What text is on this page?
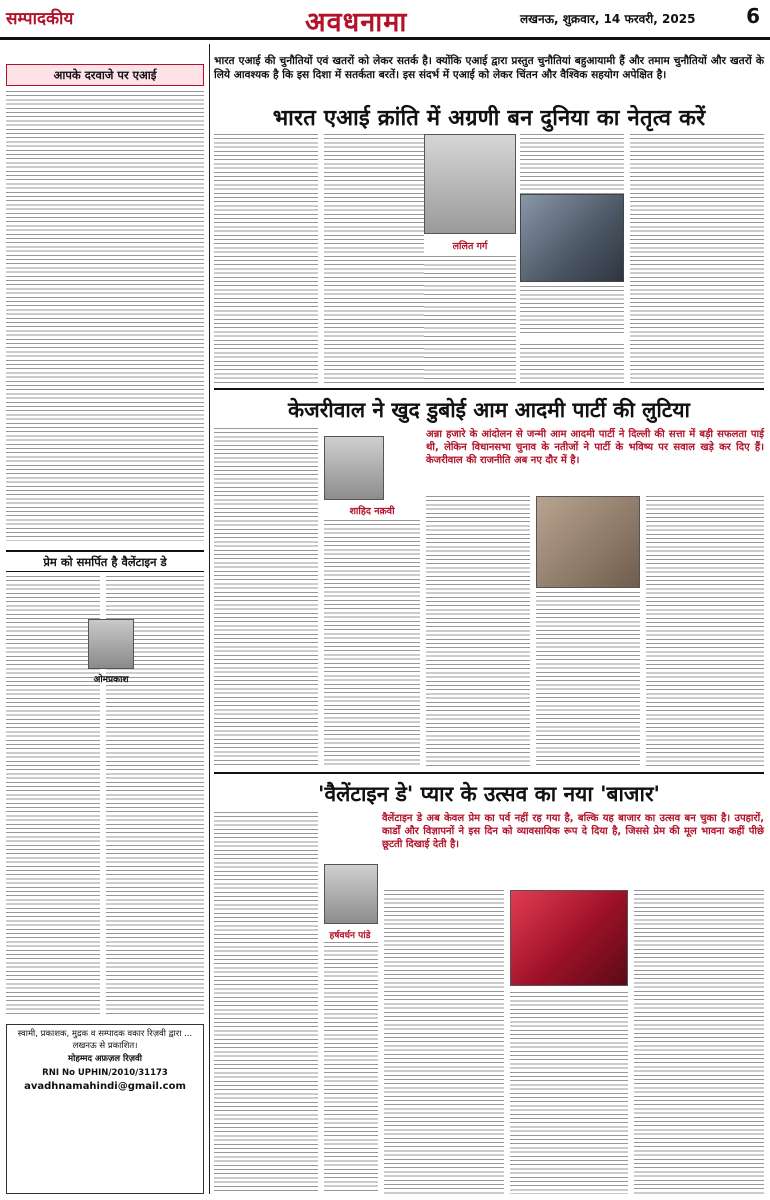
सम्पादकीय	अवधनामा	लखनऊ, शुक्रवार, 14 फरवरी, 2025	6
आपके दरवाजे पर एआई
प्रेम को समर्पित है वैलेंटाइन डे
ओमप्रकाश
स्वामी, प्रकाशक, मुद्रक व सम्पादक वकार रिज़वी द्वारा ... लखनऊ से प्रकाशित।
मोहम्मद अफ़ज़ल रिज़वी
RNI No UPHIN/2010/31173
avadhnamahindi@gmail.com
भारत एआई की चुनौतियों एवं खतरों को लेकर सतर्क है। क्योंकि एआई द्वारा प्रस्तुत चुनौतियां बहुआयामी हैं और तमाम चुनौतियों और खतरों के लिये आवश्यक है कि इस दिशा में सतर्कता बरतें। इस संदर्भ में एआई को लेकर चिंतन और वैश्विक सहयोग अपेक्षित है।
भारत एआई क्रांति में अग्रणी बन दुनिया का नेतृत्व करें
ललित गर्ग
केजरीवाल ने खुद डुबोई आम आदमी पार्टी की लुटिया
शाहिद नक़वी
अन्ना हजारे के आंदोलन से जन्मी आम आदमी पार्टी ने दिल्ली की सत्ता में बड़ी सफलता पाई थी, लेकिन विधानसभा चुनाव के नतीजों ने पार्टी के भविष्य पर सवाल खड़े कर दिए हैं। केजरीवाल की राजनीति अब नए दौर में है।
'वैलेंटाइन डे' प्यार के उत्सव का नया 'बाजार'
हर्षवर्धन पांडे
वैलेंटाइन डे अब केवल प्रेम का पर्व नहीं रह गया है, बल्कि यह बाजार का उत्सव बन चुका है। उपहारों, कार्डों और विज्ञापनों ने इस दिन को व्यावसायिक रूप दे दिया है, जिससे प्रेम की मूल भावना कहीं पीछे छूटती दिखाई देती है।
